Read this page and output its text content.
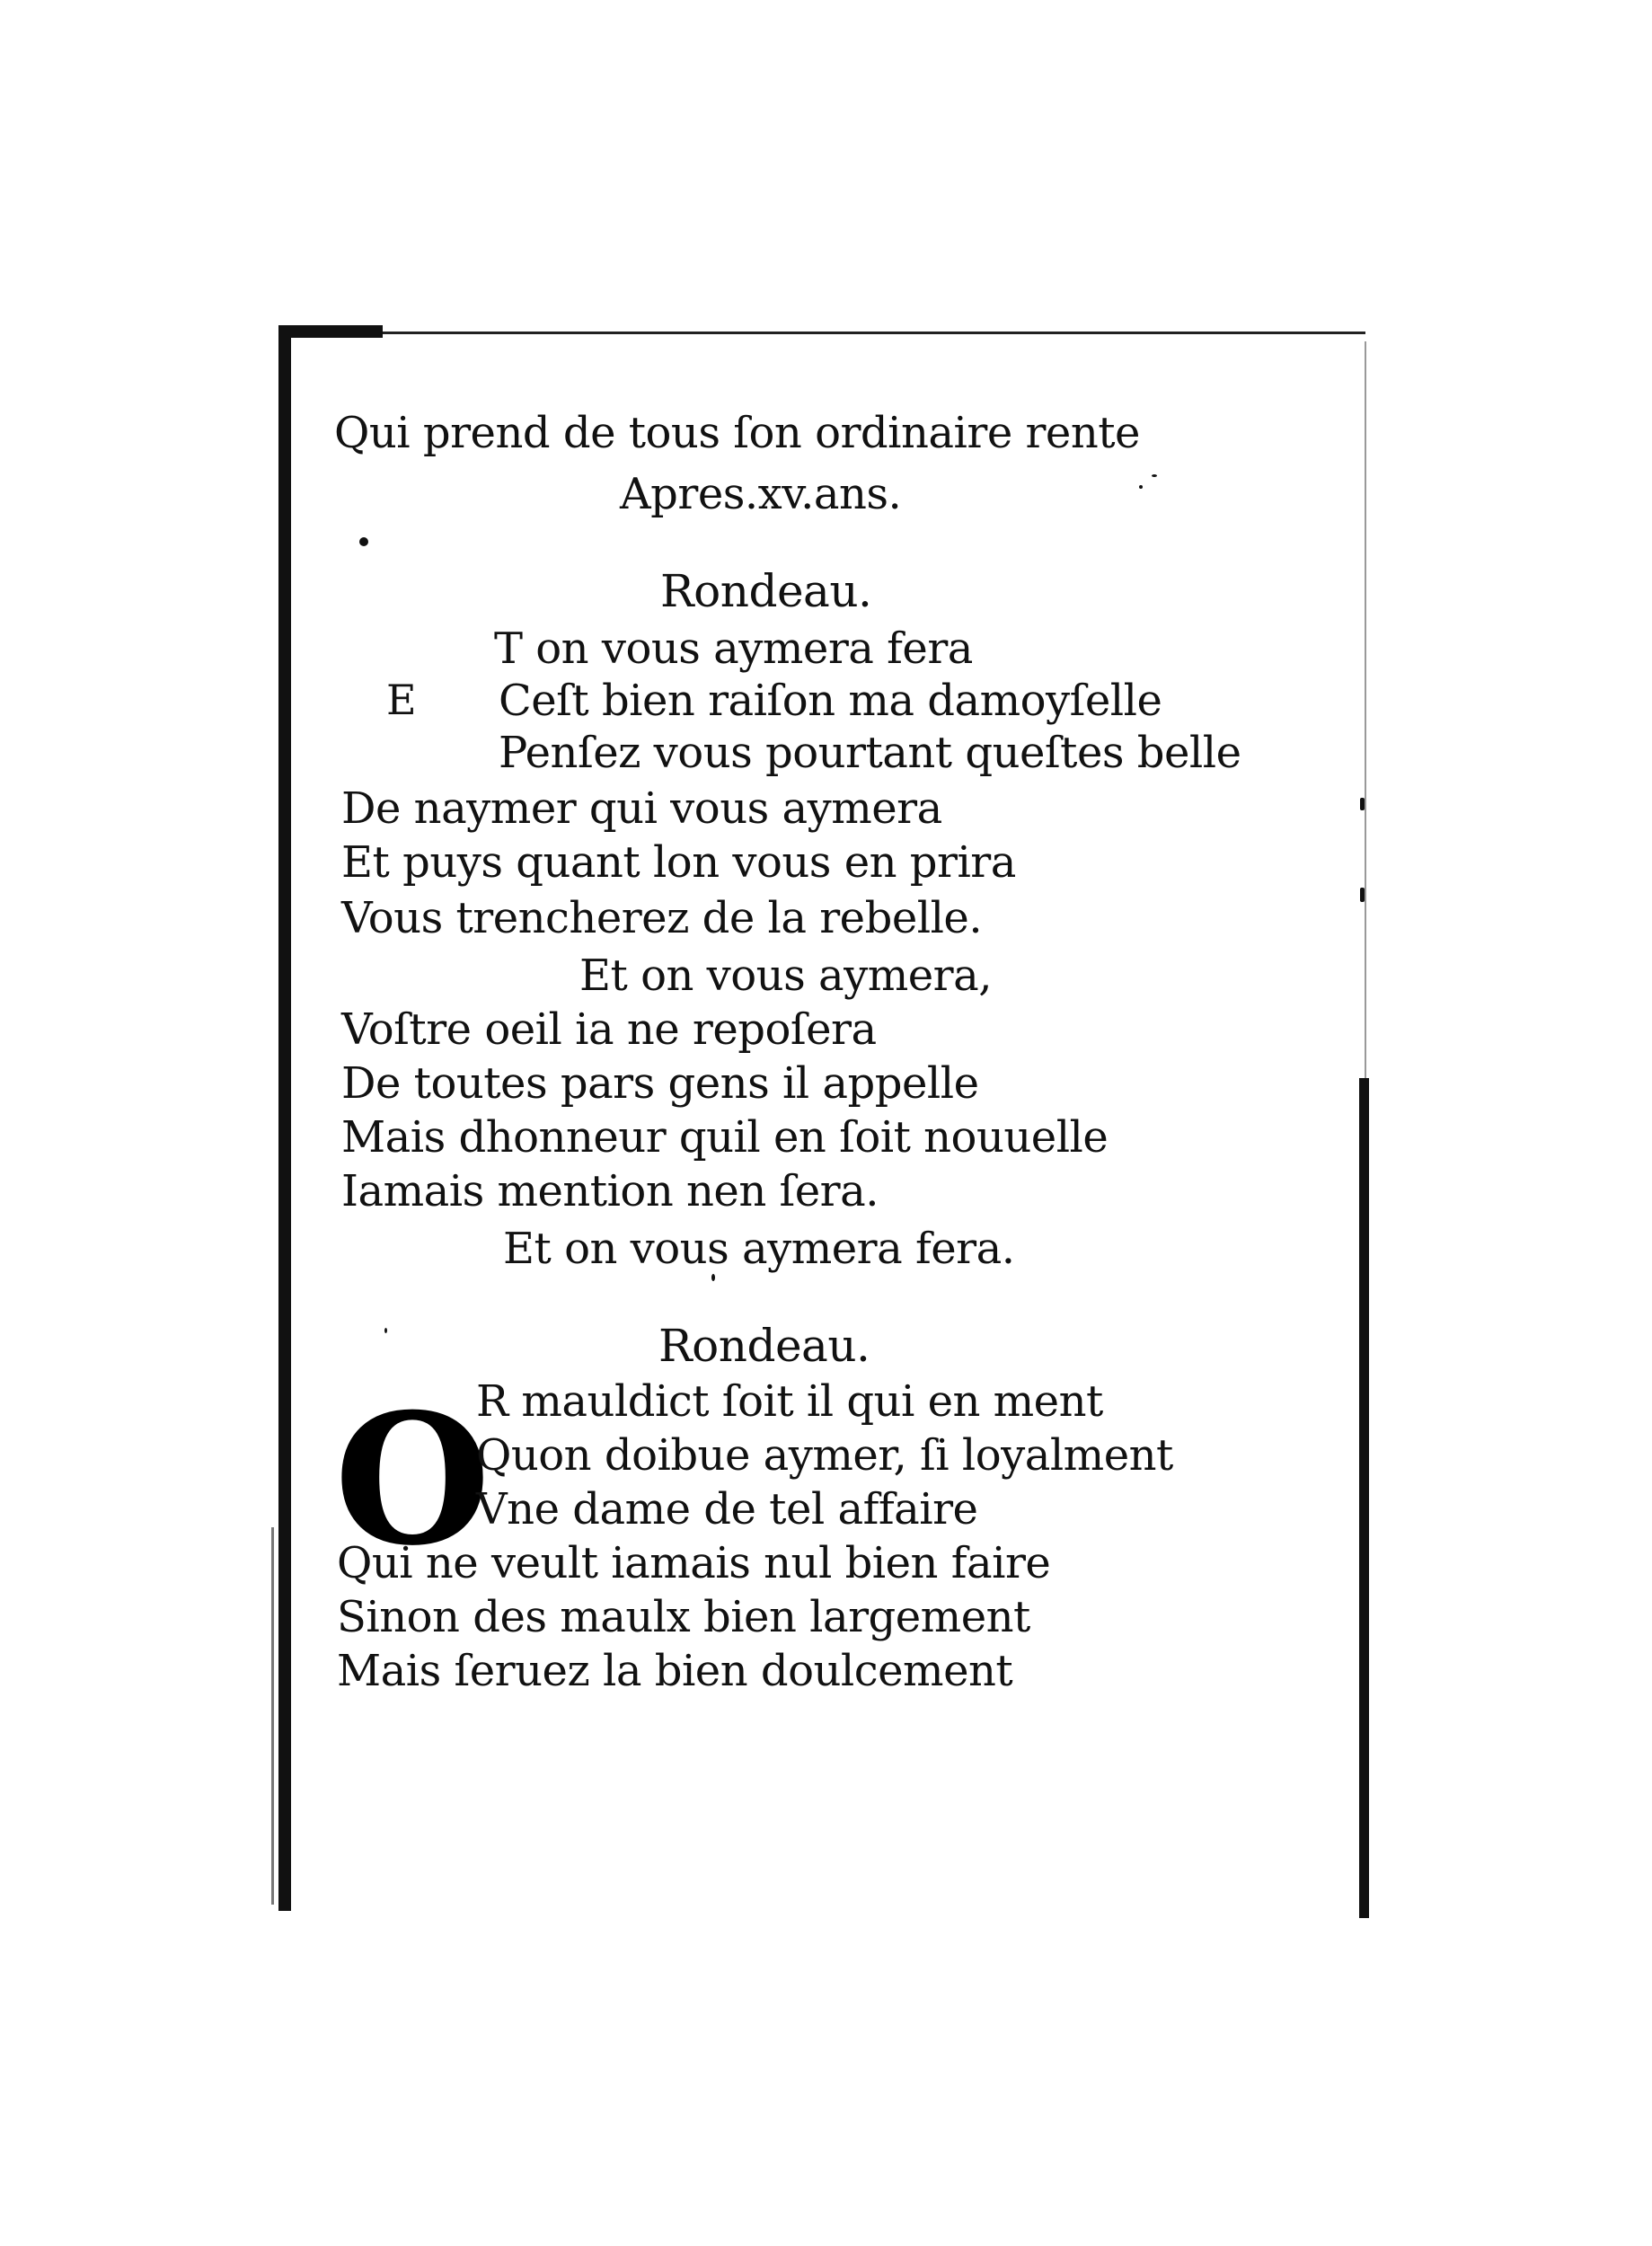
Qui prend de tous ſon ordinaire rente
Apres.xv.ans.
Rondeau.
E
T on vous aymera fera
Ceſt bien raiſon ma damoyſelle
Penſez vous pourtant queſtes belle
De naymer qui vous aymera
Et puys quant lon vous en prira
Vous trencherez de la rebelle.
Et on vous aymera,
Voſtre oeil ia ne repoſera
De toutes pars gens il appelle
Mais dhonneur quil en ſoit nouuelle
Iamais mention nen ſera.
Et on vous aymera fera.
Rondeau.
O
R mauldict ſoit il qui en ment
Quon doibue aymer, ſi loyalment
Vne dame de tel affaire
Qui ne veult iamais nul bien faire
Sinon des maulx bien largement
Mais ſeruez la bien doulcement
